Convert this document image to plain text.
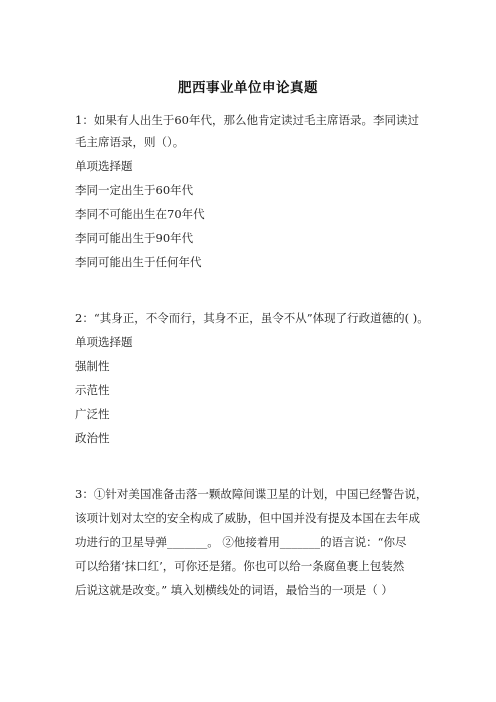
肥西事业单位申论真题
1：如果有人出生于60年代，那么他肯定读过毛主席语录。李同读过
毛主席语录，则（）。
单项选择题
李同一定出生于60年代
李同不可能出生在70年代
李同可能出生于90年代
李同可能出生于任何年代
2：“其身正，不令而行，其身不正，虽令不从”体现了行政道德的( )。
单项选择题
强制性
示范性
广泛性
政治性
3：①针对美国准备击落一颗故障间谍卫星的计划，中国已经警告说，
该项计划对太空的安全构成了威胁，但中国并没有提及本国在去年成
功进行的卫星导弹_______。 ②他接着用_______的语言说：“你尽
可以给猪‘抹口红’，可你还是猪。你也可以给一条腐鱼裹上包装然
后说这就是改变。” 填入划横线处的词语，最恰当的一项是（ ）
